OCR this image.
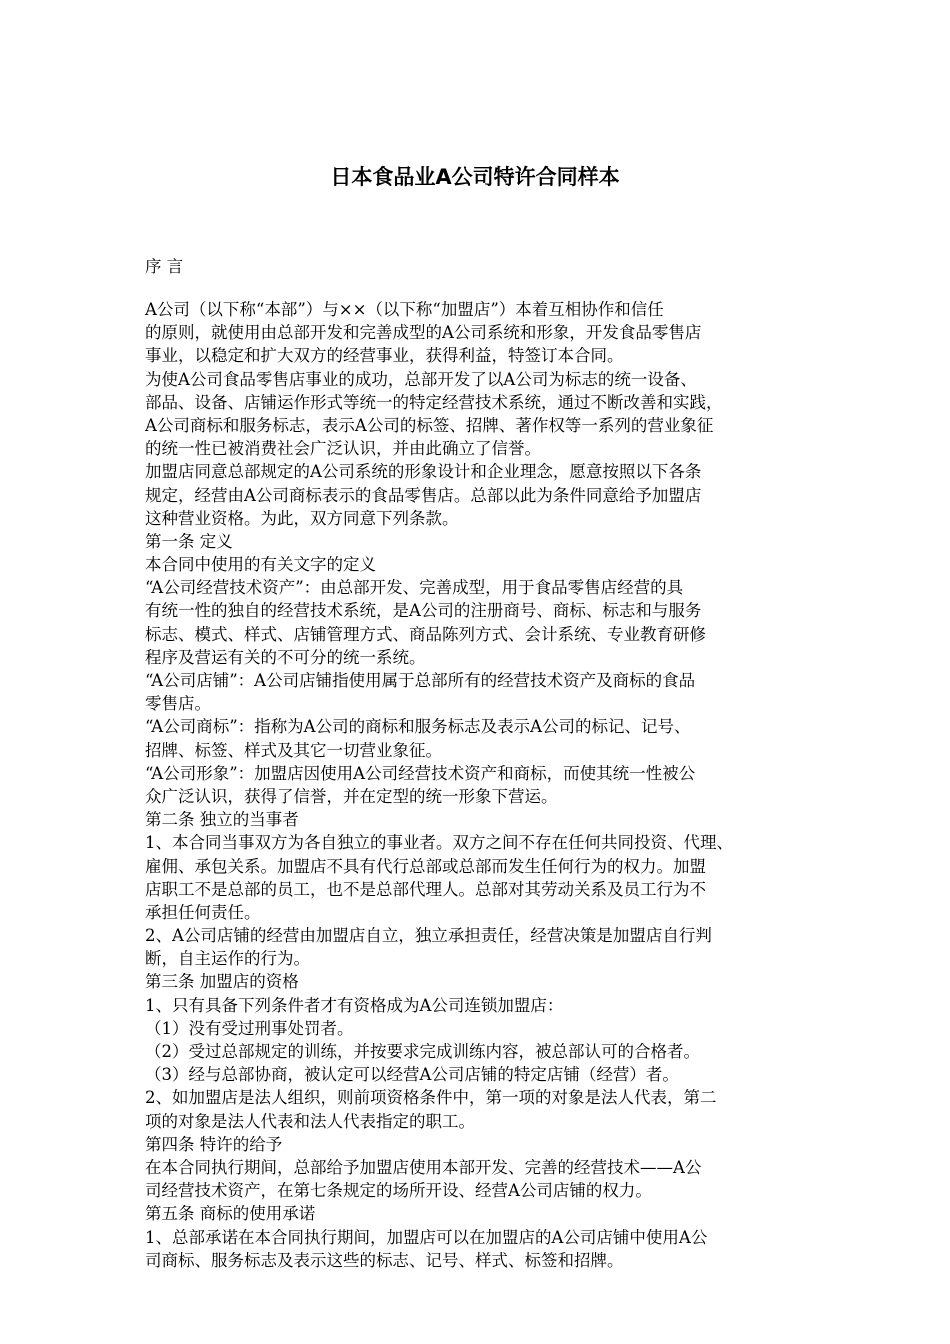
日本食品业A公司特许合同样本
序 言
A公司（以下称“本部”）与××（以下称“加盟店”）本着互相协作和信任
的原则，就使用由总部开发和完善成型的A公司系统和形象，开发食品零售店
事业，以稳定和扩大双方的经营事业，获得利益，特签订本合同。
为使A公司食品零售店事业的成功，总部开发了以A公司为标志的统一设备、
部品、设备、店铺运作形式等统一的特定经营技术系统，通过不断改善和实践，
A公司商标和服务标志，表示A公司的标签、招牌、著作权等一系列的营业象征
的统一性已被消费社会广泛认识，并由此确立了信誉。
加盟店同意总部规定的A公司系统的形象设计和企业理念，愿意按照以下各条
规定，经营由A公司商标表示的食品零售店。总部以此为条件同意给予加盟店
这种营业资格。为此，双方同意下列条款。
第一条 定义
本合同中使用的有关文字的定义
“A公司经营技术资产”：由总部开发、完善成型，用于食品零售店经营的具
有统一性的独自的经营技术系统，是A公司的注册商号、商标、标志和与服务
标志、模式、样式、店铺管理方式、商品陈列方式、会计系统、专业教育研修
程序及营运有关的不可分的统一系统。
“A公司店铺”：A公司店铺指使用属于总部所有的经营技术资产及商标的食品
零售店。
“A公司商标”：指称为A公司的商标和服务标志及表示A公司的标记、记号、
招牌、标签、样式及其它一切营业象征。
“A公司形象”：加盟店因使用A公司经营技术资产和商标，而使其统一性被公
众广泛认识，获得了信誉，并在定型的统一形象下营运。
第二条 独立的当事者
1、本合同当事双方为各自独立的事业者。双方之间不存在任何共同投资、代理、
雇佣、承包关系。加盟店不具有代行总部或总部而发生任何行为的权力。加盟
店职工不是总部的员工，也不是总部代理人。总部对其劳动关系及员工行为不
承担任何责任。
2、A公司店铺的经营由加盟店自立，独立承担责任，经营决策是加盟店自行判
断，自主运作的行为。
第三条 加盟店的资格
1、只有具备下列条件者才有资格成为A公司连锁加盟店：
（1）没有受过刑事处罚者。
（2）受过总部规定的训练，并按要求完成训练内容，被总部认可的合格者。
（3）经与总部协商，被认定可以经营A公司店铺的特定店铺（经营）者。
2、如加盟店是法人组织，则前项资格条件中，第一项的对象是法人代表，第二
项的对象是法人代表和法人代表指定的职工。
第四条 特许的给予
在本合同执行期间，总部给予加盟店使用本部开发、完善的经营技术——A公
司经营技术资产，在第七条规定的场所开设、经营A公司店铺的权力。
第五条 商标的使用承诺
1、总部承诺在本合同执行期间，加盟店可以在加盟店的A公司店铺中使用A公
司商标、服务标志及表示这些的标志、记号、样式、标签和招牌。
